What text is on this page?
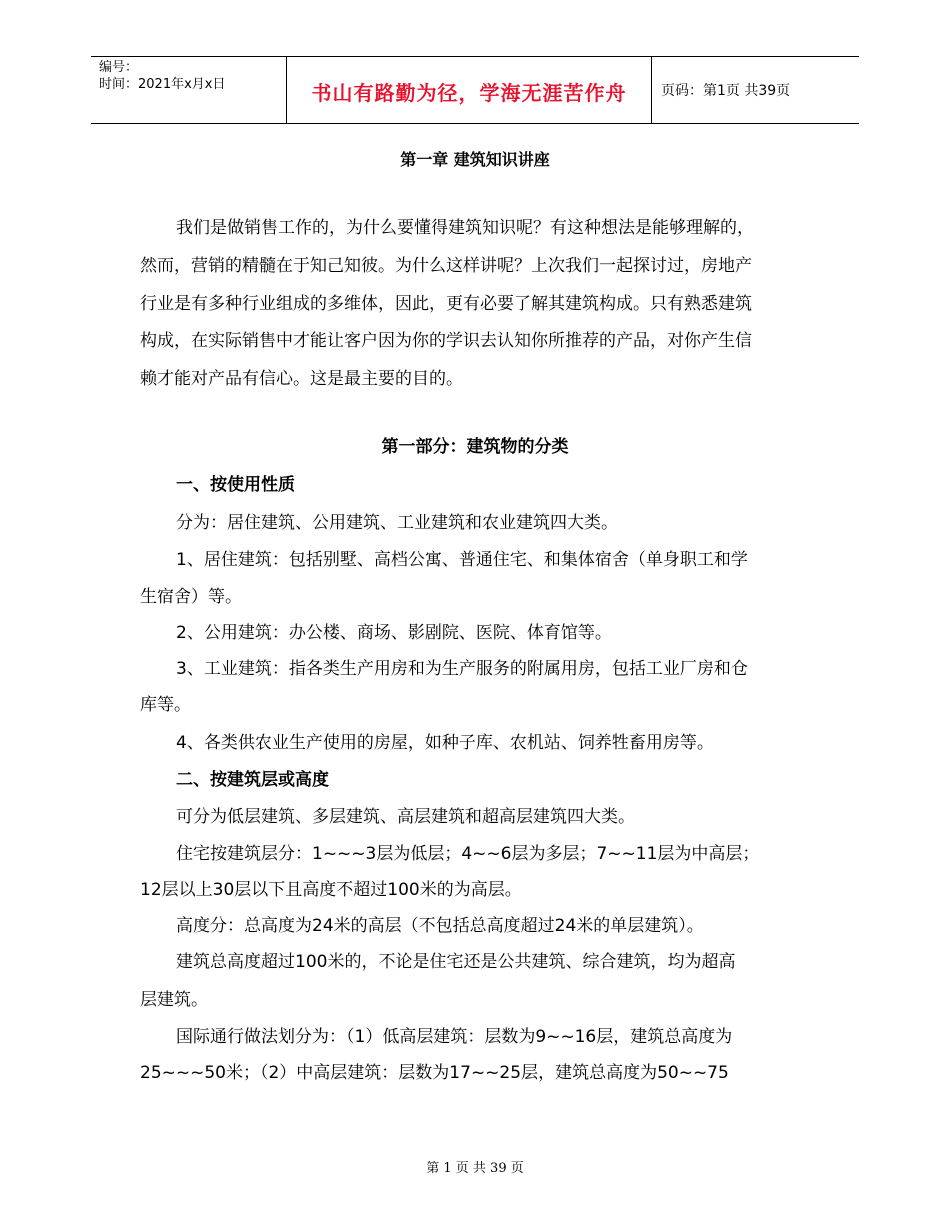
编号：
时间：2021年x月x日	书山有路勤为径，学海无涯苦作舟	页码：第1页 共39页
第一章 建筑知识讲座
我们是做销售工作的，为什么要懂得建筑知识呢？有这种想法是能够理解的，
然而，营销的精髓在于知己知彼。为什么这样讲呢？上次我们一起探讨过，房地产
行业是有多种行业组成的多维体，因此，更有必要了解其建筑构成。只有熟悉建筑
构成，在实际销售中才能让客户因为你的学识去认知你所推荐的产品，对你产生信
赖才能对产品有信心。这是最主要的目的。
第一部分：建筑物的分类
一、按使用性质
分为：居住建筑、公用建筑、工业建筑和农业建筑四大类。
1、居住建筑：包括别墅、高档公寓、普通住宅、和集体宿舍（单身职工和学
生宿舍）等。
2、公用建筑：办公楼、商场、影剧院、医院、体育馆等。
3、工业建筑：指各类生产用房和为生产服务的附属用房，包括工业厂房和仓
库等。
4、各类供农业生产使用的房屋，如种子库、农机站、饲养牲畜用房等。
二、按建筑层或高度
可分为低层建筑、多层建筑、高层建筑和超高层建筑四大类。
住宅按建筑层分：1~~~3层为低层；4~~6层为多层；7~~11层为中高层；
12层以上30层以下且高度不超过100米的为高层。
高度分：总高度为24米的高层（不包括总高度超过24米的单层建筑）。
建筑总高度超过100米的，不论是住宅还是公共建筑、综合建筑，均为超高
层建筑。
国际通行做法划分为：（1）低高层建筑：层数为9~~16层，建筑总高度为
25~~~50米；（2）中高层建筑：层数为17~~25层，建筑总高度为50~~75
第 1 页 共 39 页
